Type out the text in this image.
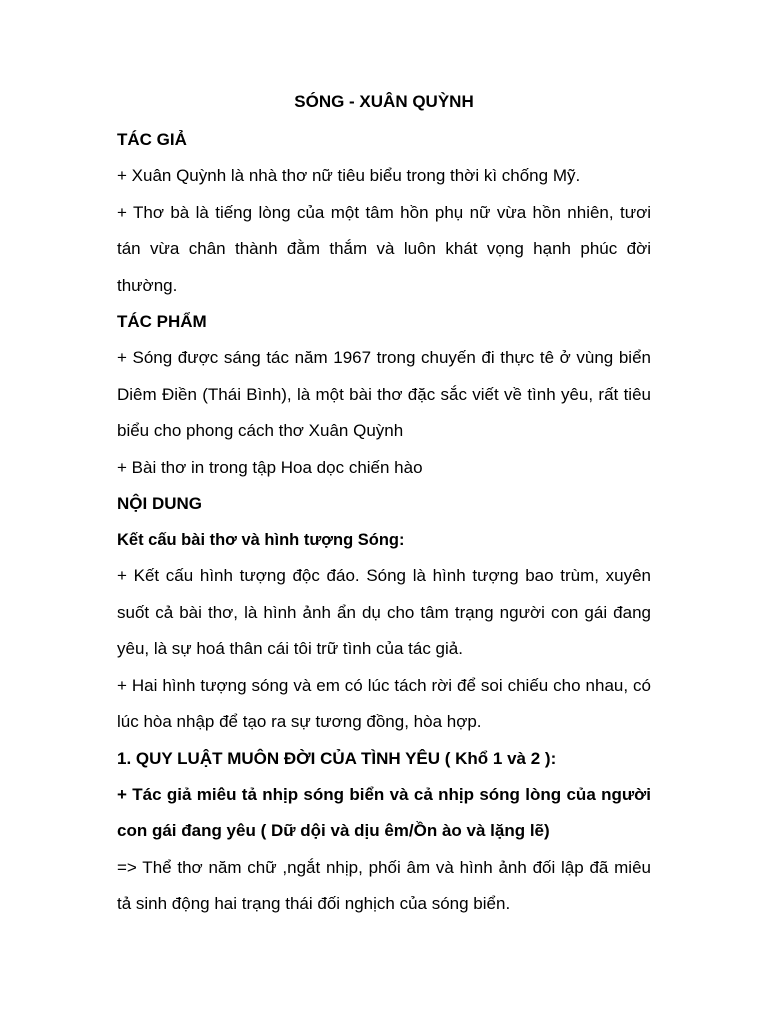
SÓNG - XUÂN QUỲNH

TÁC GIẢ

+ Xuân Quỳnh là nhà thơ nữ tiêu biểu trong thời kì chống Mỹ.

+ Thơ bà là tiếng lòng của một tâm hồn phụ nữ vừa hồn nhiên, tươi tán vừa chân thành đằm thắm và luôn khát vọng hạnh phúc đời thường.

TÁC PHẨM

+ Sóng được sáng tác năm 1967 trong chuyến đi thực tê ở vùng biển Diêm Điền (Thái Bình), là một bài thơ đặc sắc viết về tình yêu, rất tiêu biểu cho phong cách thơ Xuân Quỳnh

+ Bài thơ in trong tập Hoa dọc chiến hào

NỘI DUNG

Kết cấu bài thơ và hình tượng Sóng:

+ Kết cấu hình tượng độc đáo. Sóng là hình tượng bao trùm, xuyên suốt cả bài thơ, là hình ảnh ẩn dụ cho tâm trạng người con gái đang yêu, là sự hoá thân cái tôi trữ tình của tác giả.

+ Hai hình tượng sóng và em có lúc tách rời để soi chiếu cho nhau, có lúc hòa nhập để tạo ra sự tương đồng, hòa hợp.

1. QUY LUẬT MUÔN ĐỜI CỦA TÌNH YÊU ( Khổ 1 và 2 ):

+ Tác giả miêu tả nhịp sóng biển và cả nhịp sóng lòng của người con gái đang yêu ( Dữ dội và dịu êm/Ồn ào và lặng lẽ)

=> Thể thơ năm chữ ,ngắt nhịp, phối âm và hình ảnh đối lập đã miêu tả sinh động hai trạng thái đối nghịch của sóng biển.
